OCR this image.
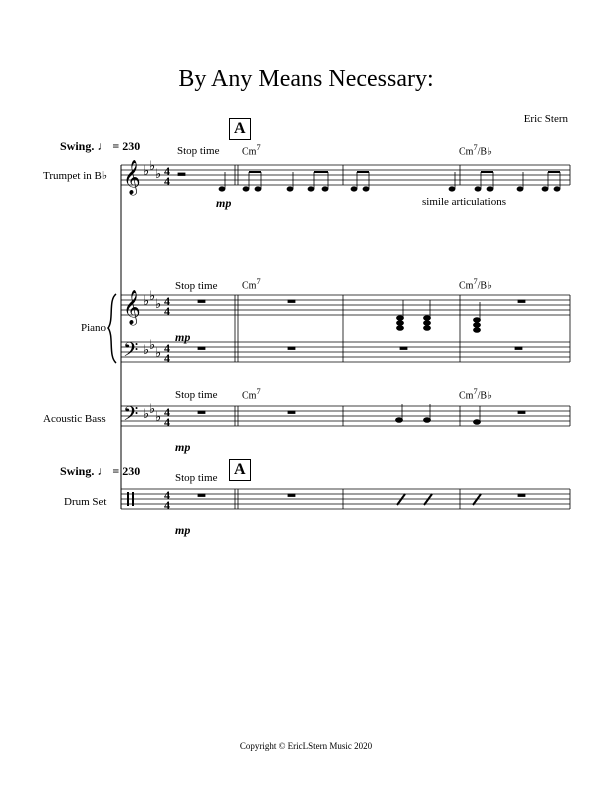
By Any Means Necessary:
Eric Stern
Swing. ♩ = 230
Swing. ♩ = 230
A
A
Stop time
Stop time
Stop time
Stop time
Cm$^7$	Cm$^7$/B♭
Cm$^7$	Cm$^7$/B♭
Cm$^7$	Cm$^7$/B♭
Trumpet in B♭
Piano
Acoustic Bass
Drum Set
mp
mp
mp
mp
simile articulations
Copyright © EricLStern Music 2020
𝄞
𝄞
𝄢
𝄢
♭ ♭
♭
♭ ♭
♭
♭ ♭
♭
♭ ♭
♭
4
4
4
4
4
4
4
4
4
4
